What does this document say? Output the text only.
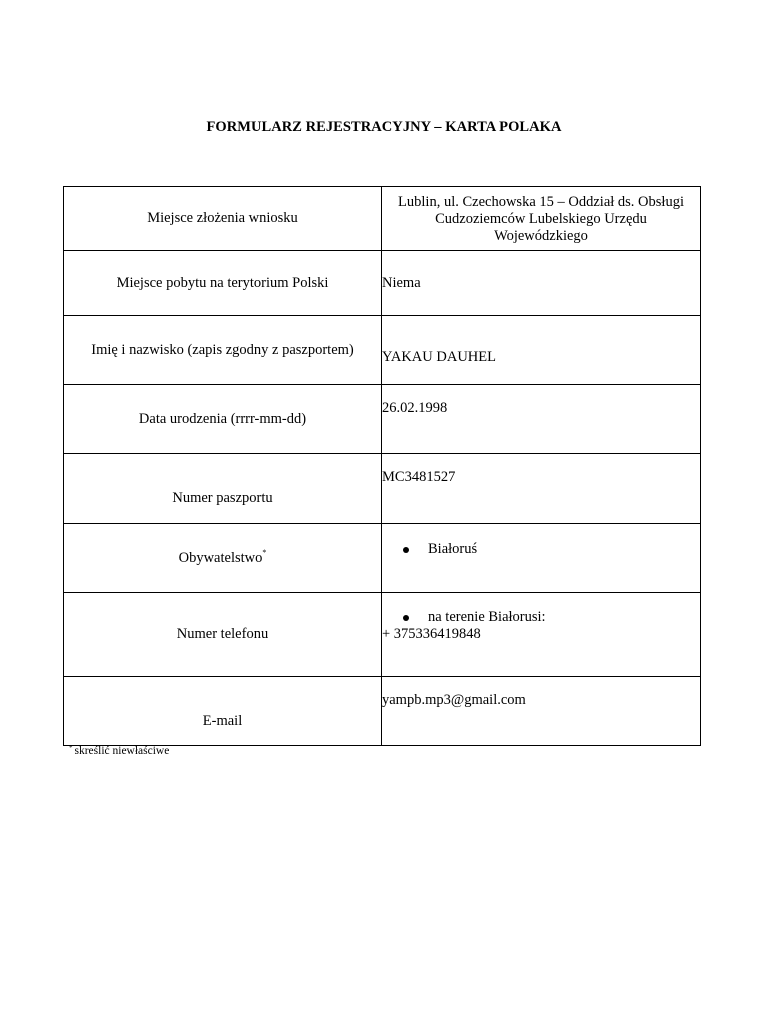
FORMULARZ REJESTRACYJNY – KARTA POLAKA
Miejsce złożenia wniosku	Lublin, ul. Czechowska 15 – Oddział ds. Obsługi
Cudzoziemców Lubelskiego Urzędu
Wojewódzkiego

Miejsce pobytu na terytorium Polski	Niema

Imię i nazwisko (zapis zgodny z paszportem)	YAKAU DAUHEL

Data urodzenia (rrrr-mm-dd)	26.02.1998

Numer paszportu	MC3481527

Obywatelstwo*	Białoruś

Numer telefonu	na terenie Białorusi:
+ 375336419848

E-mail	yampb.mp3@gmail.com
* skreślić niewłaściwe
